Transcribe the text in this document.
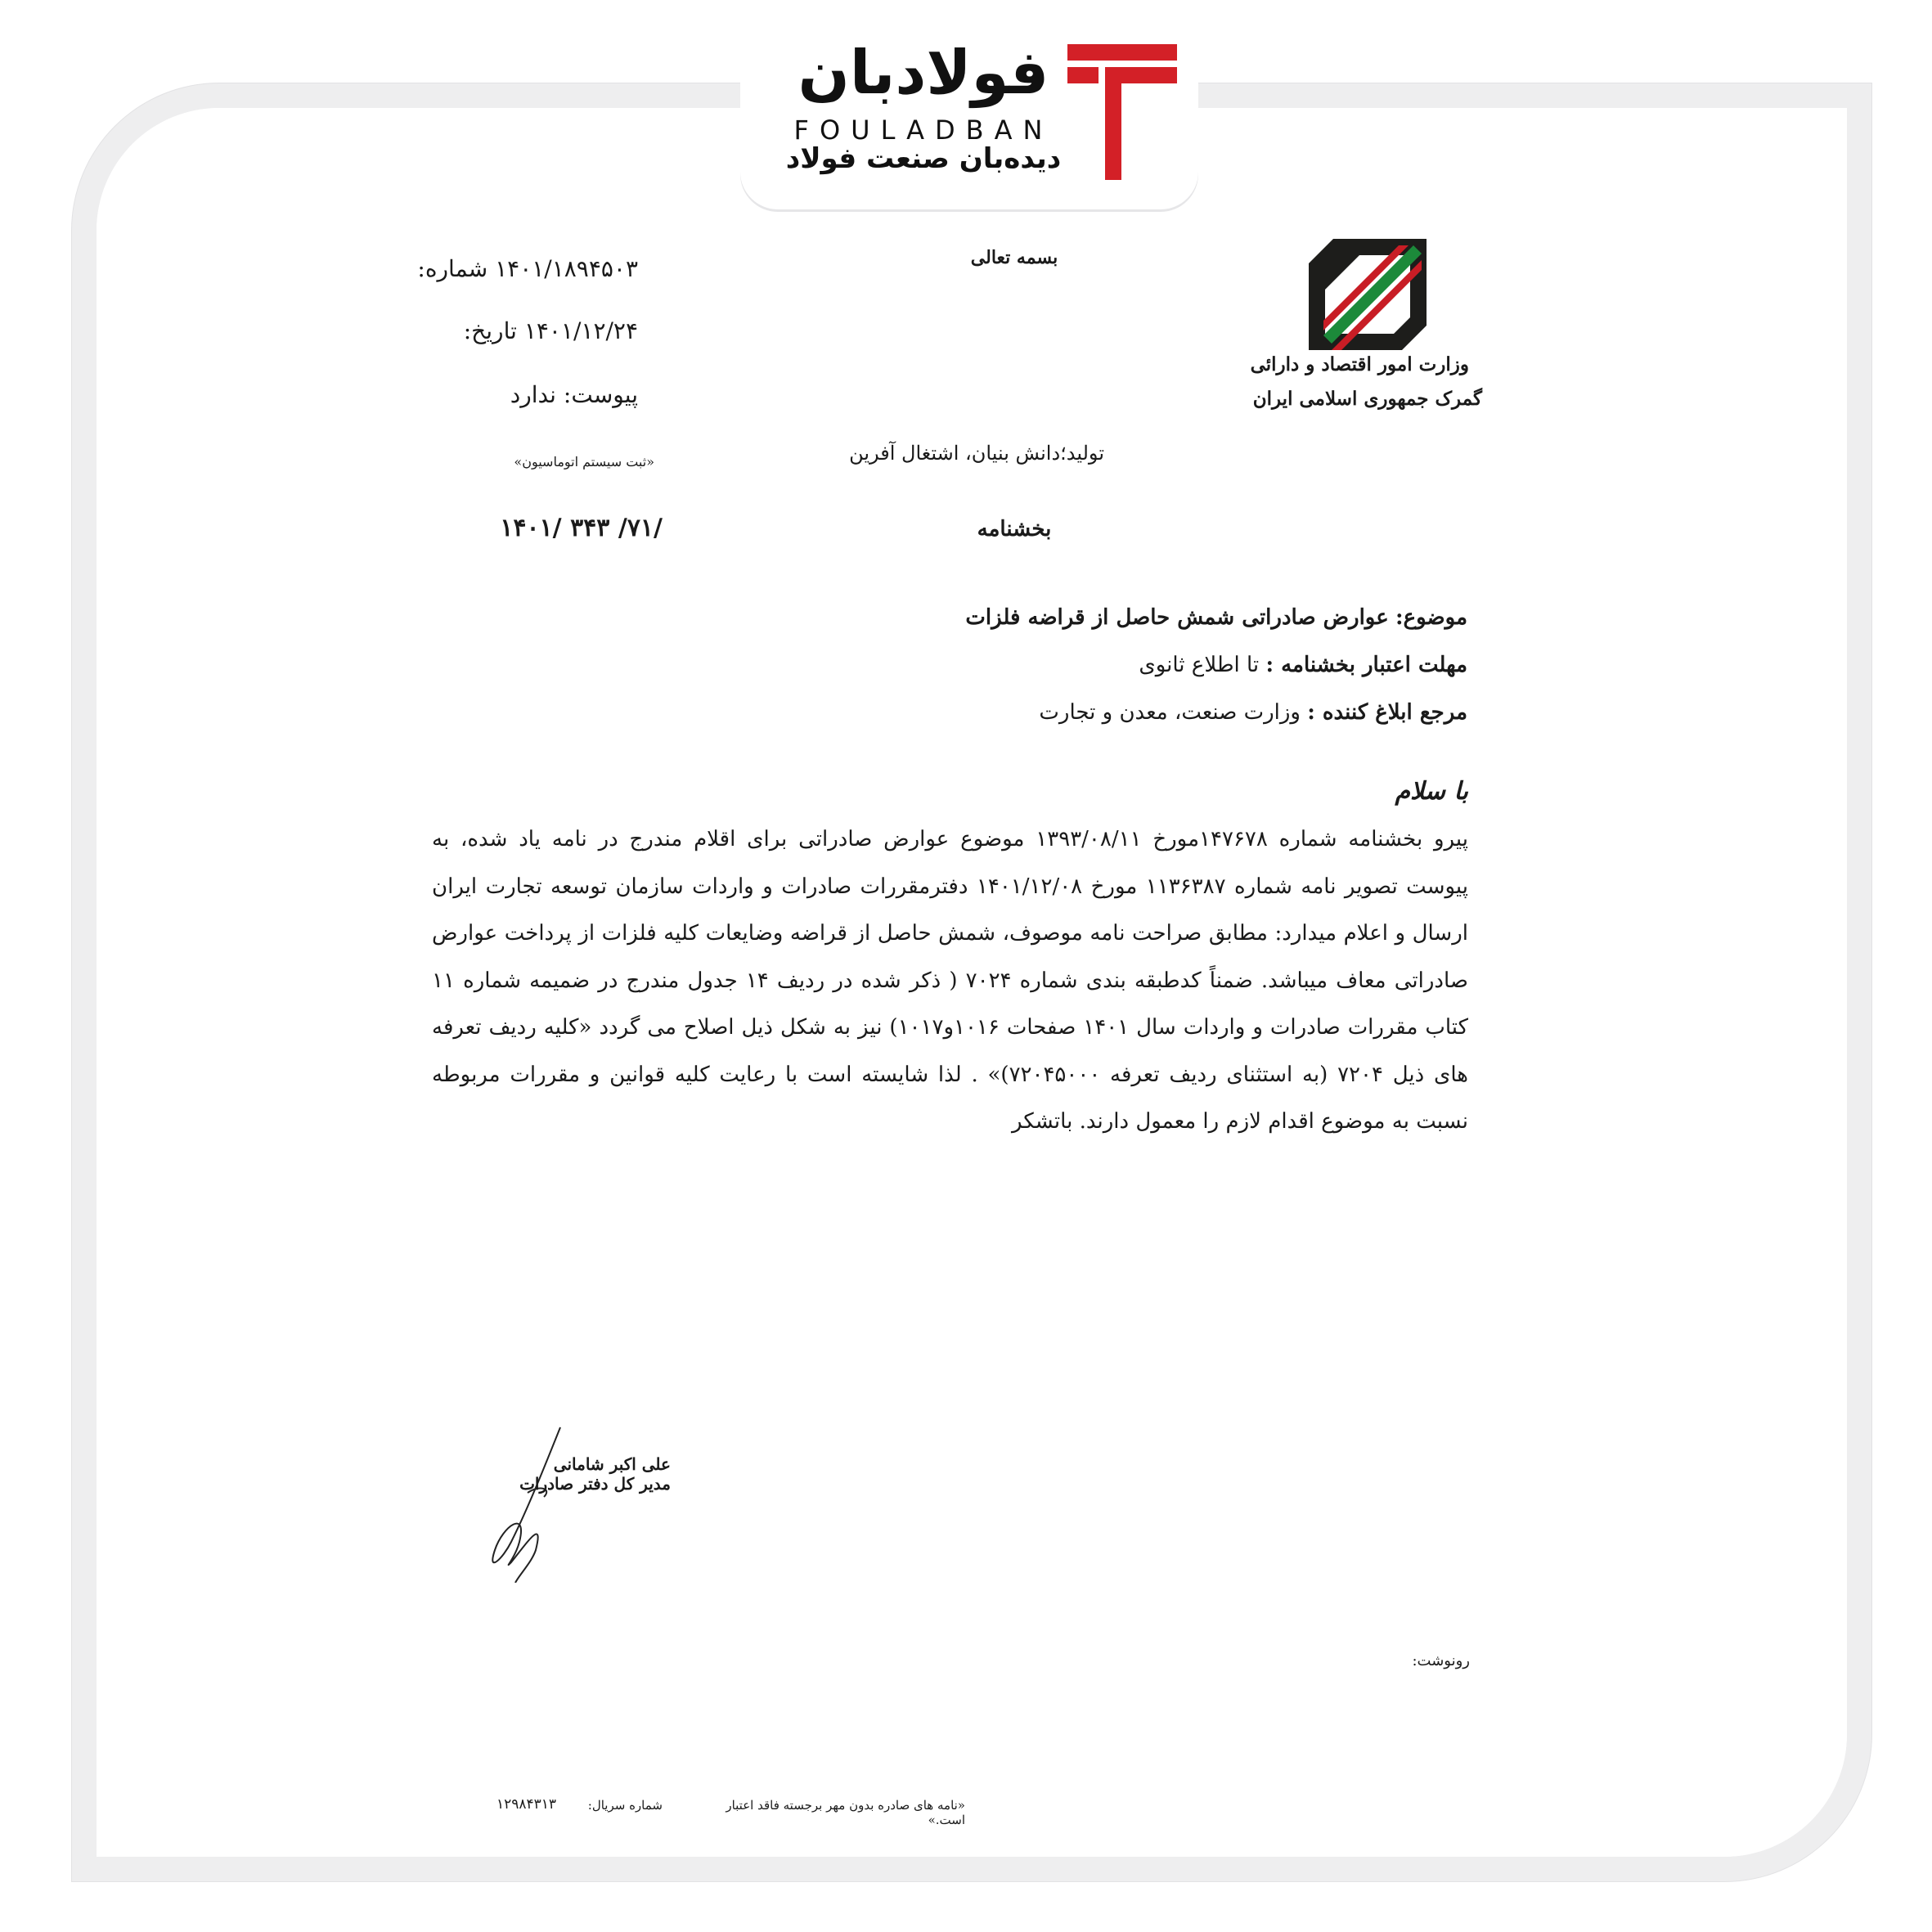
فولادبان
FOULADBAN
دیده‌بان صنعت فولاد
وزارت امور اقتصاد و دارائی
گمرک جمهوری اسلامی ایران
بسمه تعالی
شماره: ۱۴۰۱/۱۸۹۴۵۰۳
تاریخ: ۱۴۰۱/۱۲/۲۴
پیوست: ندارد
«ثبت سیستم اتوماسیون»	تولید؛دانش بنیان، اشتغال آفرین
بخشنامه
۱۴۰۱/ ۳۴۳ /۷۱/
موضوع: عوارض صادراتی شمش حاصل از قراضه فلزات
مهلت اعتبار بخشنامه : تا اطلاع ثانوی
مرجع ابلاغ کننده : وزارت صنعت، معدن و تجارت
با سلام
پیرو بخشنامه شماره ۱۴۷۶۷۸مورخ ۱۳۹۳/۰۸/۱۱ موضوع عوارض صادراتی برای اقلام مندرج در نامه یاد شده، به پیوست تصویر نامه شماره ۱۱۳۶۳۸۷ مورخ ۱۴۰۱/۱۲/۰۸ دفترمقررات صادرات و واردات سازمان توسعه تجارت ایران ارسال و اعلام میدارد: مطابق صراحت نامه موصوف، شمش حاصل از قراضه وضایعات کلیه فلزات از پرداخت عوارض صادراتی معاف میباشد. ضمناً کدطبقه بندی شماره ۷۰۲۴ ( ذکر شده در ردیف ۱۴ جدول مندرج در ضمیمه شماره ۱۱ کتاب مقررات صادرات و واردات سال ۱۴۰۱ صفحات ۱۰۱۶و۱۰۱۷) نیز به شکل ذیل اصلاح می گردد «کلیه ردیف تعرفه های ذیل ۷۲۰۴ (به استثنای ردیف تعرفه ۷۲۰۴۵۰۰۰)» . لذا شایسته است با رعایت کلیه قوانین و مقررات مربوطه نسبت به موضوع اقدام لازم را معمول دارند. باتشکر
علی اکبر شامانی
مدیر کل دفتر صادرات
رونوشت:
«نامه های صادره بدون مهر برجسته فاقد اعتبار است.»
شماره سریال:
۱۲۹۸۴۳۱۳
